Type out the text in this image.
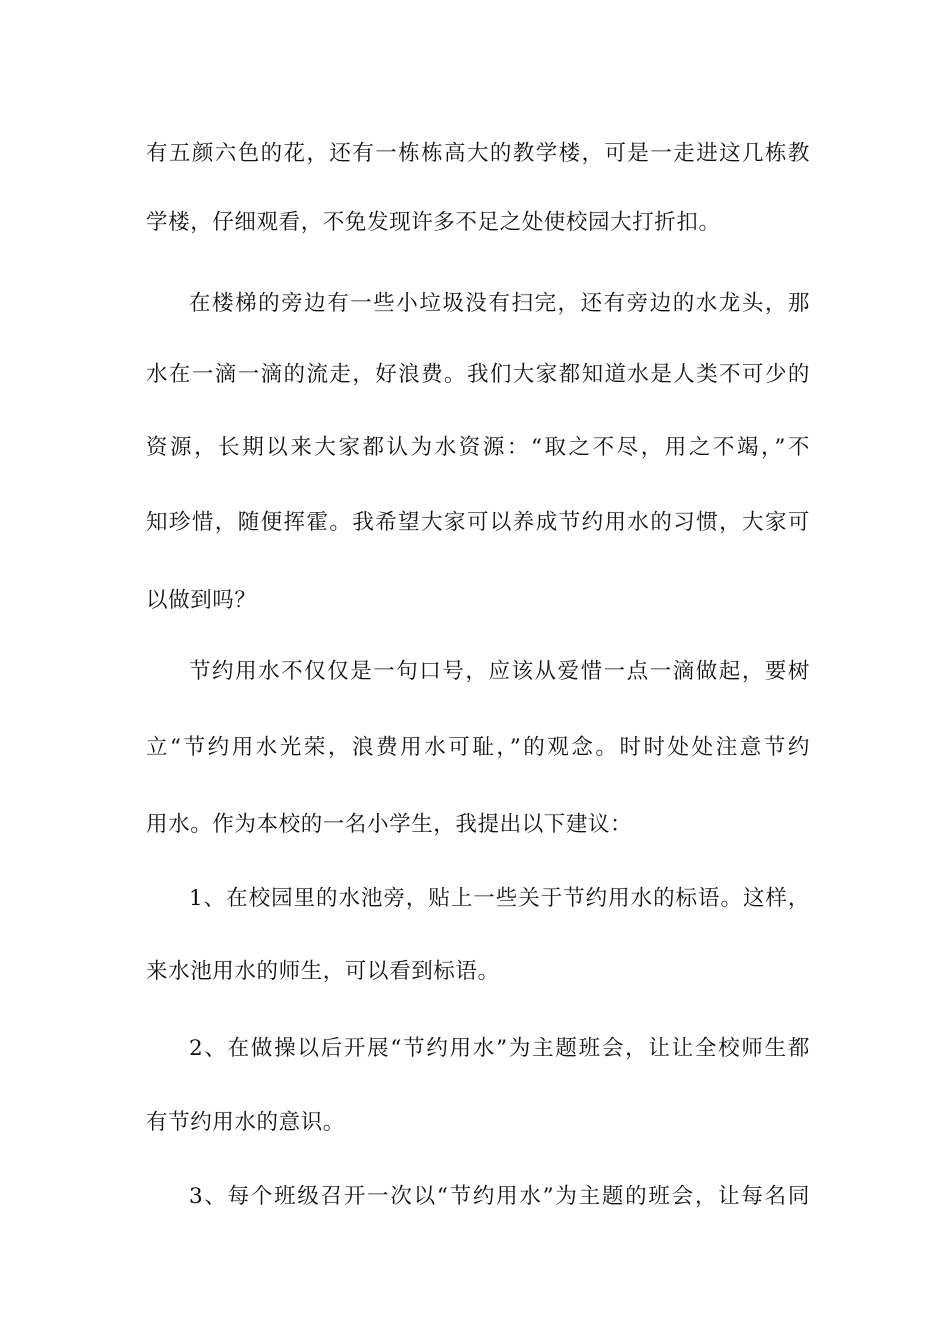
有五颜六色的花，还有一栋栋高大的教学楼，可是一走进这几栋教
学楼，仔细观看，不免发现许多不足之处使校园大打折扣。
在楼梯的旁边有一些小垃圾没有扫完，还有旁边的水龙头，那
水在一滴一滴的流走，好浪费。我们大家都知道水是人类不可少的
资源，长期以来大家都认为水资源：“取之不尽，用之不竭，”不
知珍惜，随便挥霍。我希望大家可以养成节约用水的习惯，大家可
以做到吗？
节约用水不仅仅是一句口号，应该从爱惜一点一滴做起，要树
立“节约用水光荣，浪费用水可耻，”的观念。时时处处注意节约
用水。作为本校的一名小学生，我提出以下建议：
1、在校园里的水池旁，贴上一些关于节约用水的标语。这样，
来水池用水的师生，可以看到标语。
2、在做操以后开展“节约用水”为主题班会，让让全校师生都
有节约用水的意识。
3、每个班级召开一次以“节约用水”为主题的班会，让每名同
